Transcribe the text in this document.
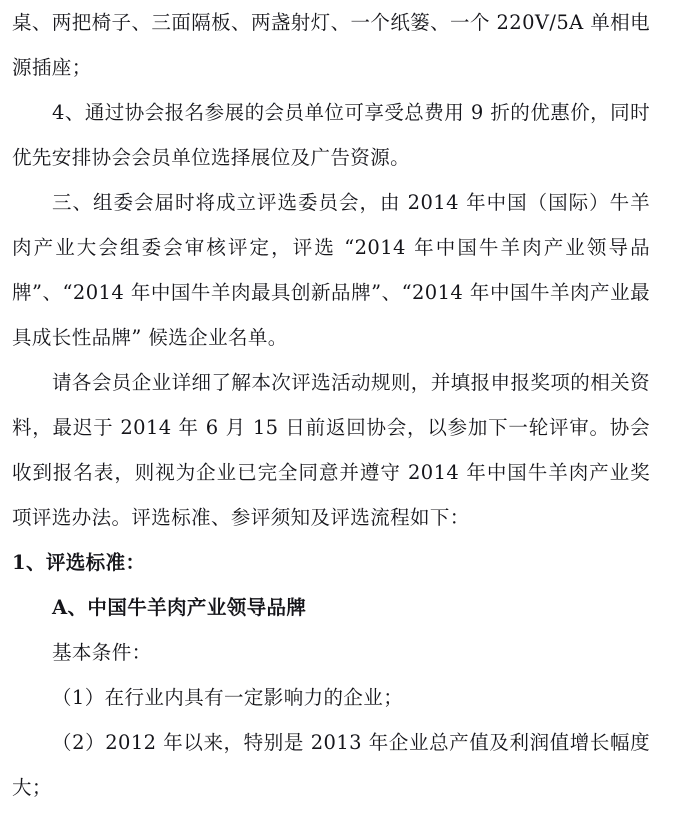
桌、两把椅子、三面隔板、两盏射灯、一个纸篓、一个 220V/5A 单相电源插座；

4、通过协会报名参展的会员单位可享受总费用 9 折的优惠价，同时优先安排协会会员单位选择展位及广告资源。

三、组委会届时将成立评选委员会，由 2014 年中国（国际）牛羊肉产业大会组委会审核评定，评选 “2014 年中国牛羊肉产业领导品牌”、“2014 年中国牛羊肉最具创新品牌”、“2014 年中国牛羊肉产业最具成长性品牌” 候选企业名单。

请各会员企业详细了解本次评选活动规则，并填报申报奖项的相关资料，最迟于 2014 年 6 月 15 日前返回协会，以参加下一轮评审。协会收到报名表，则视为企业已完全同意并遵守 2014 年中国牛羊肉产业奖项评选办法。评选标准、参评须知及评选流程如下：

1、评选标准：

A、中国牛羊肉产业领导品牌

基本条件：

（1）在行业内具有一定影响力的企业；

（2）2012 年以来，特别是 2013 年企业总产值及利润值增长幅度大；
